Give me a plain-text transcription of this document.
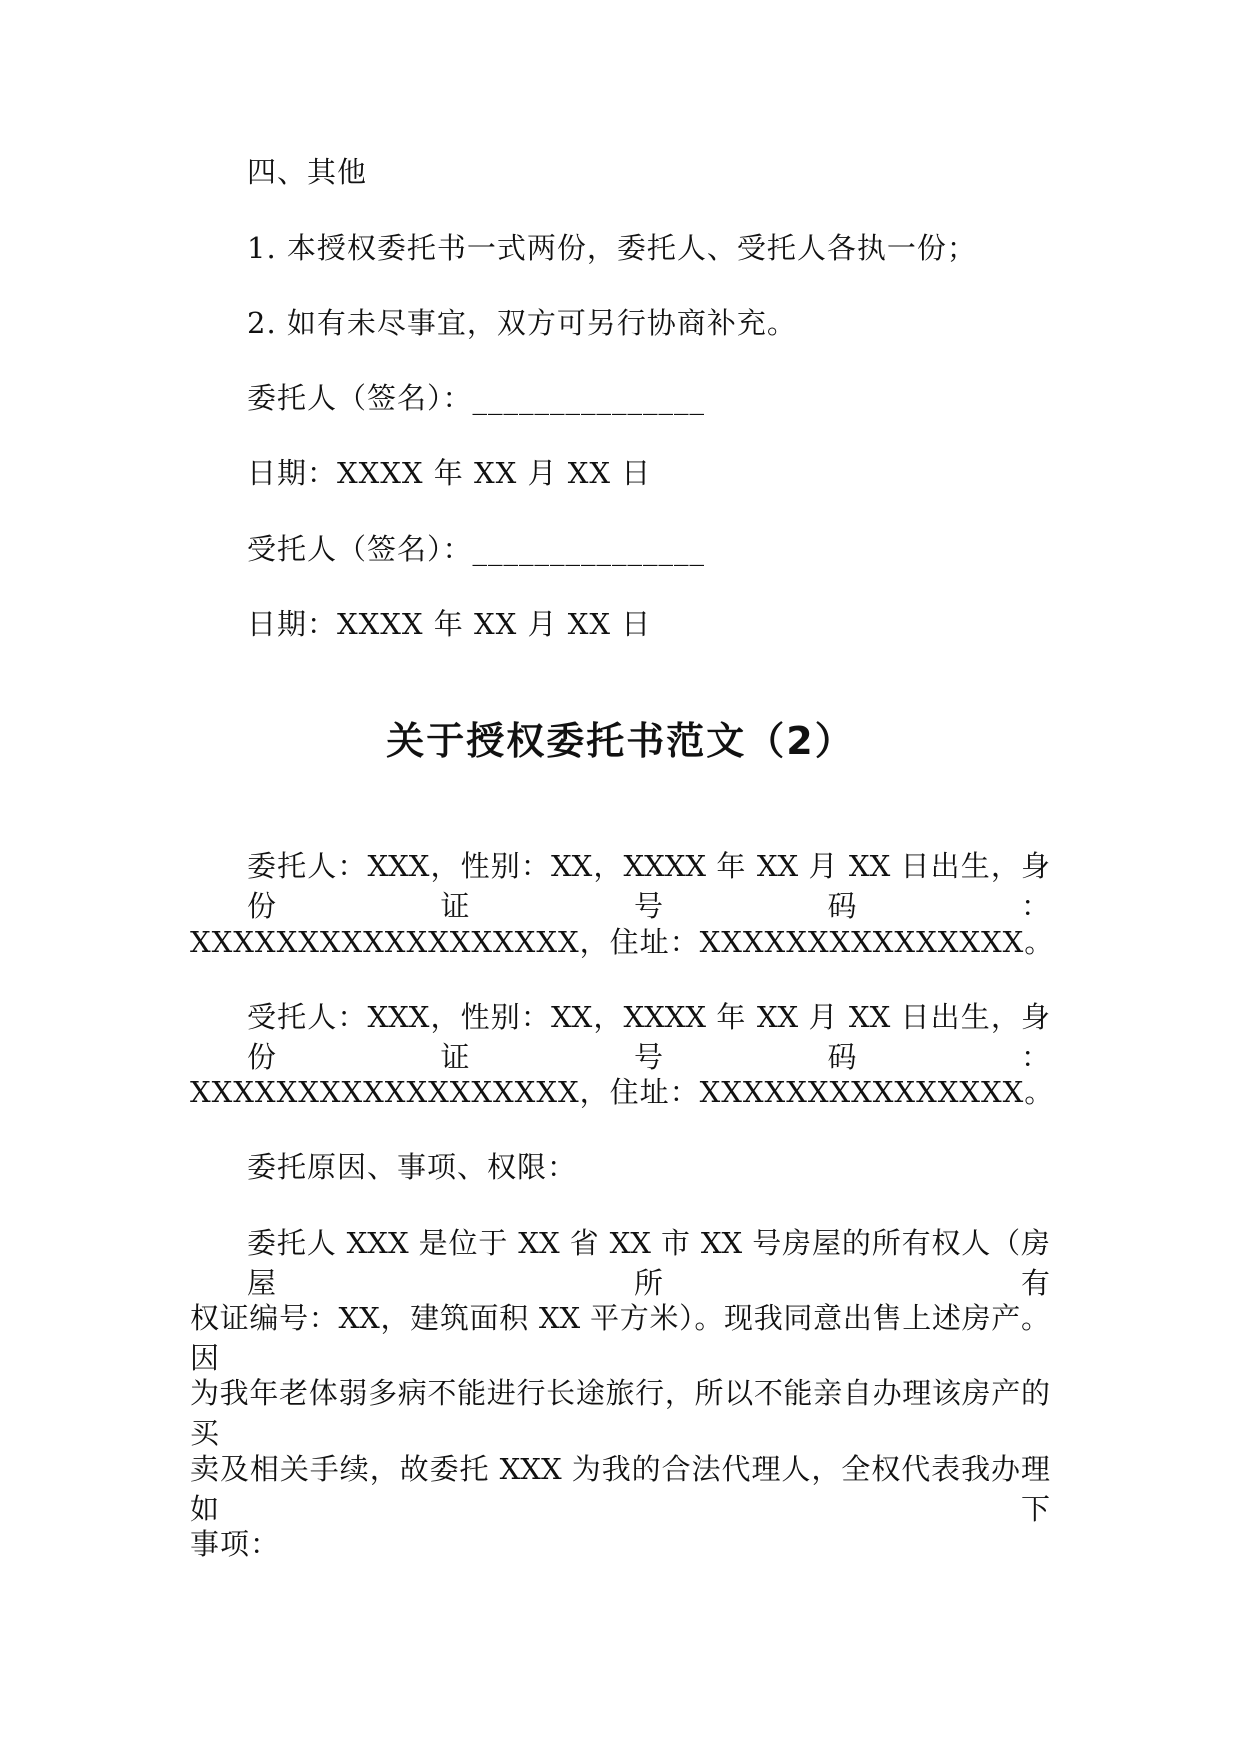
四、其他
1. 本授权委托书一式两份，委托人、受托人各执一份；
2. 如有未尽事宜，双方可另行协商补充。
委托人（签名）：_______________
日期：XXXX 年 XX 月 XX 日
受托人（签名）：_______________
日期：XXXX 年 XX 月 XX 日
关于授权委托书范文（2）
委托人：XXX，性别：XX，XXXX 年 XX 月 XX 日出生，身份证号码：
XXXXXXXXXXXXXXXXXX，住址：XXXXXXXXXXXXXXX。
受托人：XXX，性别：XX，XXXX 年 XX 月 XX 日出生，身份证号码：
XXXXXXXXXXXXXXXXXX，住址：XXXXXXXXXXXXXXX。
委托原因、事项、权限：
委托人 XXX 是位于 XX 省 XX 市 XX 号房屋的所有权人（房屋所有
权证编号：XX，建筑面积 XX 平方米）。现我同意出售上述房产。因
为我年老体弱多病不能进行长途旅行，所以不能亲自办理该房产的买
卖及相关手续，故委托 XXX 为我的合法代理人，全权代表我办理如下
事项：
